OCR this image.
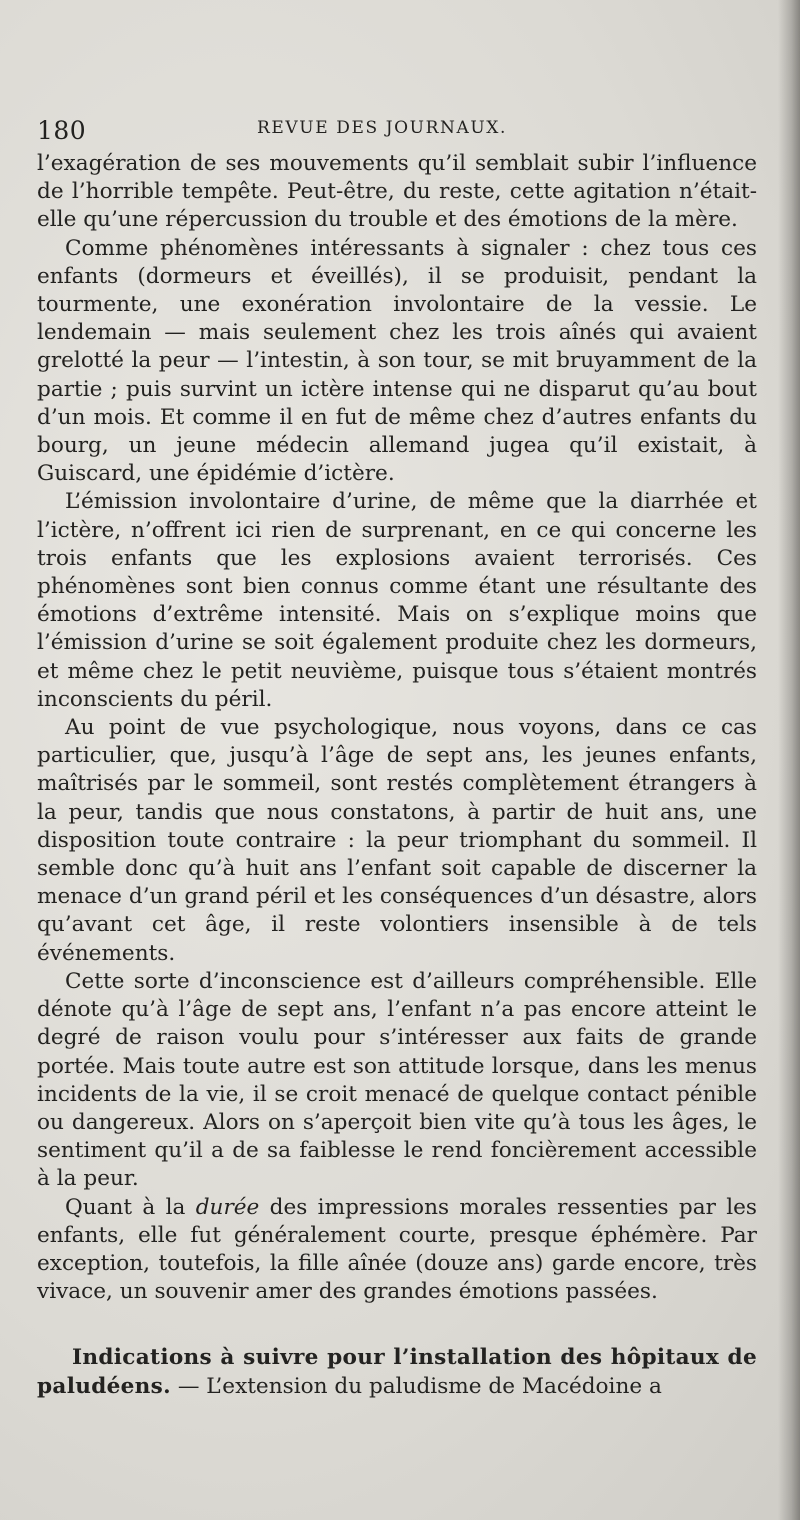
180	REVUE DES JOURNAUX.

l’exagération de ses mouvements qu’il semblait subir l’influence de l’horrible tempête. Peut-être, du reste, cette agitation n’était-elle qu’une répercussion du trouble et des émotions de la mère.

Comme phénomènes intéressants à signaler : chez tous ces enfants (dormeurs et éveillés), il se produisit, pendant la tourmente, une exonération involontaire de la vessie. Le lendemain — mais seulement chez les trois aînés qui avaient grelotté la peur — l’intestin, à son tour, se mit bruyamment de la partie ; puis survint un ictère intense qui ne disparut qu’au bout d’un mois. Et comme il en fut de même chez d’autres enfants du bourg, un jeune médecin allemand jugea qu’il existait, à Guiscard, une épidémie d’ictère.

L’émission involontaire d’urine, de même que la diarrhée et l’ictère, n’offrent ici rien de surprenant, en ce qui concerne les trois enfants que les explosions avaient terrorisés. Ces phénomènes sont bien connus comme étant une résultante des émotions d’extrême intensité. Mais on s’explique moins que l’émission d’urine se soit également produite chez les dormeurs, et même chez le petit neuvième, puisque tous s’étaient montrés inconscients du péril.

Au point de vue psychologique, nous voyons, dans ce cas particulier, que, jusqu’à l’âge de sept ans, les jeunes enfants, maîtrisés par le sommeil, sont restés complètement étrangers à la peur, tandis que nous constatons, à partir de huit ans, une disposition toute contraire : la peur triomphant du sommeil. Il semble donc qu’à huit ans l’enfant soit capable de discerner la menace d’un grand péril et les conséquences d’un désastre, alors qu’avant cet âge, il reste volontiers insensible à de tels événements.

Cette sorte d’inconscience est d’ailleurs compréhensible. Elle dénote qu’à l’âge de sept ans, l’enfant n’a pas encore atteint le degré de raison voulu pour s’intéresser aux faits de grande portée. Mais toute autre est son attitude lorsque, dans les menus incidents de la vie, il se croit menacé de quelque contact pénible ou dangereux. Alors on s’aperçoit bien vite qu’à tous les âges, le sentiment qu’il a de sa faiblesse le rend foncièrement accessible à la peur.

Quant à la durée des impressions morales ressenties par les enfants, elle fut généralement courte, presque éphémère. Par exception, toutefois, la fille aînée (douze ans) garde encore, très vivace, un souvenir amer des grandes émotions passées.

Indications à suivre pour l’installation des hôpitaux de paludéens. — L’extension du paludisme de Macédoine a
